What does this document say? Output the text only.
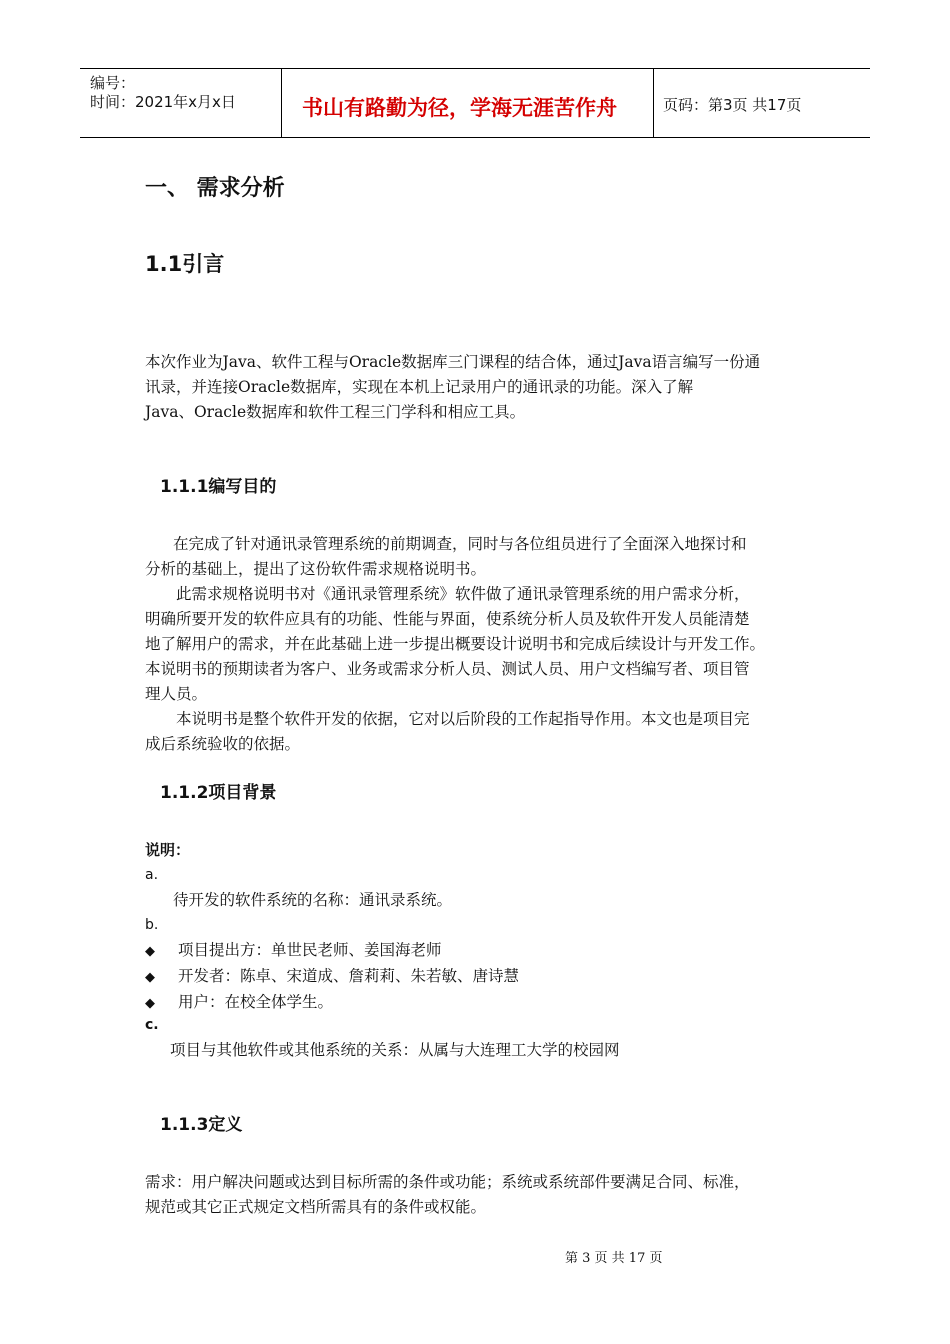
编号：
时间：2021年x月x日	书山有路勤为径，学海无涯苦作舟	页码：第3页 共17页
一、 需求分析
1.1引言
本次作业为Java、软件工程与Oracle数据库三门课程的结合体，通过Java语言编写一份通
讯录，并连接Oracle数据库，实现在本机上记录用户的通讯录的功能。深入了解
Java、Oracle数据库和软件工程三门学科和相应工具。
1.1.1编写目的
在完成了针对通讯录管理系统的前期调查，同时与各位组员进行了全面深入地探讨和
分析的基础上，提出了这份软件需求规格说明书。
此需求规格说明书对《通讯录管理系统》软件做了通讯录管理系统的用户需求分析，
明确所要开发的软件应具有的功能、性能与界面，使系统分析人员及软件开发人员能清楚
地了解用户的需求，并在此基础上进一步提出概要设计说明书和完成后续设计与开发工作。
本说明书的预期读者为客户、业务或需求分析人员、测试人员、用户文档编写者、项目管
理人员。
本说明书是整个软件开发的依据，它对以后阶段的工作起指导作用。本文也是项目完
成后系统验收的依据。
1.1.2项目背景
说明：
a.
待开发的软件系统的名称：通讯录系统。
b.
◆ 项目提出方：单世民老师、姜国海老师
◆ 开发者：陈卓、宋道成、詹莉莉、朱若敏、唐诗慧
◆ 用户：在校全体学生。
c.
项目与其他软件或其他系统的关系：从属与大连理工大学的校园网
1.1.3定义
需求：用户解决问题或达到目标所需的条件或功能；系统或系统部件要满足合同、标准，
规范或其它正式规定文档所需具有的条件或权能。
第 3 页 共 17 页
